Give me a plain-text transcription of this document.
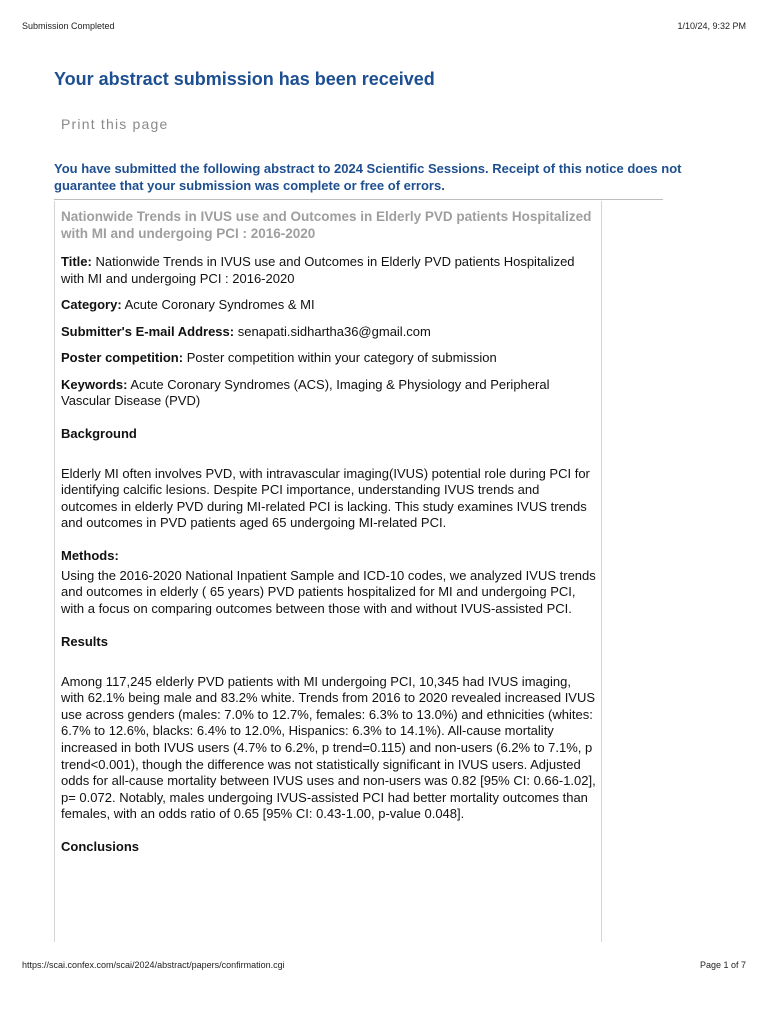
Submission Completed	1/10/24, 9:32 PM
Your abstract submission has been received
Print this page
You have submitted the following abstract to 2024 Scientific Sessions. Receipt of this notice does not guarantee that your submission was complete or free of errors.
Nationwide Trends in IVUS use and Outcomes in Elderly PVD patients Hospitalized with MI and undergoing PCI : 2016-2020

Title: Nationwide Trends in IVUS use and Outcomes in Elderly PVD patients Hospitalized with MI and undergoing PCI : 2016-2020

Category: Acute Coronary Syndromes & MI

Submitter's E-mail Address: senapati.sidhartha36@gmail.com

Poster competition: Poster competition within your category of submission

Keywords: Acute Coronary Syndromes (ACS), Imaging & Physiology and Peripheral Vascular Disease (PVD)

Background

Elderly MI often involves PVD, with intravascular imaging(IVUS) potential role during PCI for identifying calcific lesions. Despite PCI importance, understanding IVUS trends and outcomes in elderly PVD during MI-related PCI is lacking. This study examines IVUS trends and outcomes in PVD patients aged 65 undergoing MI-related PCI.

Methods:

Using the 2016-2020 National Inpatient Sample and ICD-10 codes, we analyzed IVUS trends and outcomes in elderly ( 65 years) PVD patients hospitalized for MI and undergoing PCI, with a focus on comparing outcomes between those with and without IVUS-assisted PCI.

Results

Among 117,245 elderly PVD patients with MI undergoing PCI, 10,345 had IVUS imaging, with 62.1% being male and 83.2% white. Trends from 2016 to 2020 revealed increased IVUS use across genders (males: 7.0% to 12.7%, females: 6.3% to 13.0%) and ethnicities (whites: 6.7% to 12.6%, blacks: 6.4% to 12.0%, Hispanics: 6.3% to 14.1%). All-cause mortality increased in both IVUS users (4.7% to 6.2%, p trend=0.115) and non-users (6.2% to 7.1%, p trend<0.001), though the difference was not statistically significant in IVUS users. Adjusted odds for all-cause mortality between IVUS uses and non-users was 0.82 [95% CI: 0.66-1.02], p= 0.072. Notably, males undergoing IVUS-assisted PCI had better mortality outcomes than females, with an odds ratio of 0.65 [95% CI: 0.43-1.00, p-value 0.048].

Conclusions
https://scai.confex.com/scai/2024/abstract/papers/confirmation.cgi	Page 1 of 7
